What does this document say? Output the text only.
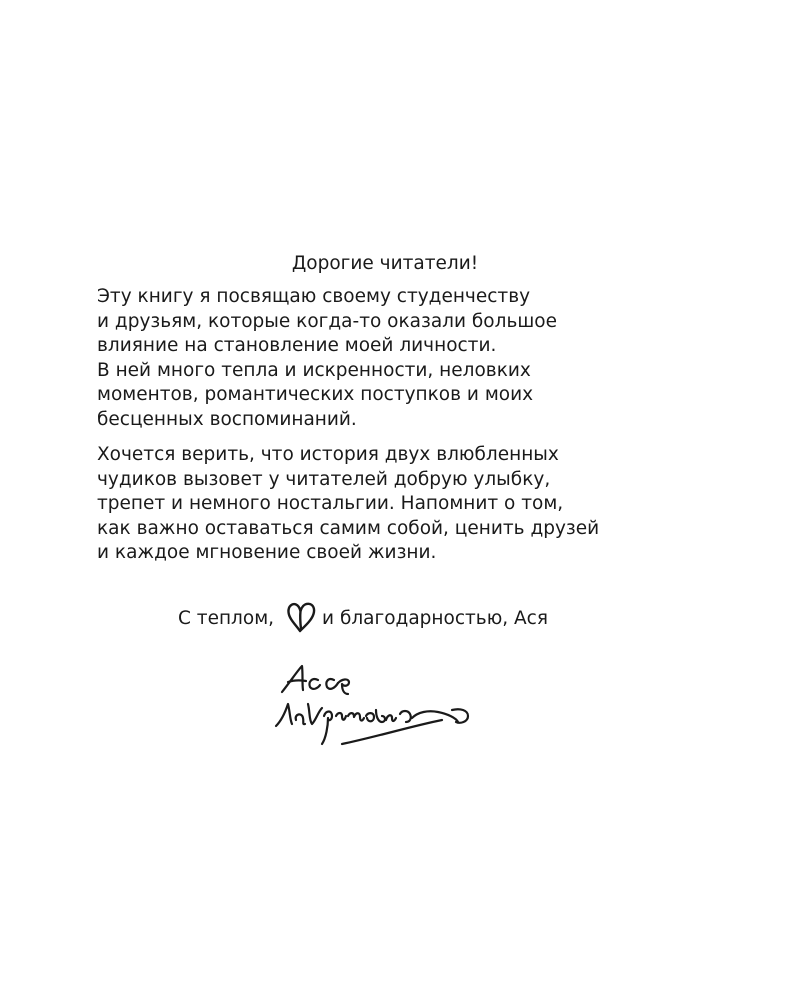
Дорогие читатели!

Эту книгу я посвящаю своему студенчеству
и друзьям, которые когда-то оказали большое
влияние на становление моей личности.
В ней много тепла и искренности, неловких
моментов, романтических поступков и моих
бесценных воспоминаний.

Хочется верить, что история двух влюбленных
чудиков вызовет у читателей добрую улыбку,
трепет и немного ностальгии. Напомнит о том,
как важно оставаться самим собой, ценить друзей
и каждое мгновение своей жизни.

С теплом,	и благодарностью, Ася
